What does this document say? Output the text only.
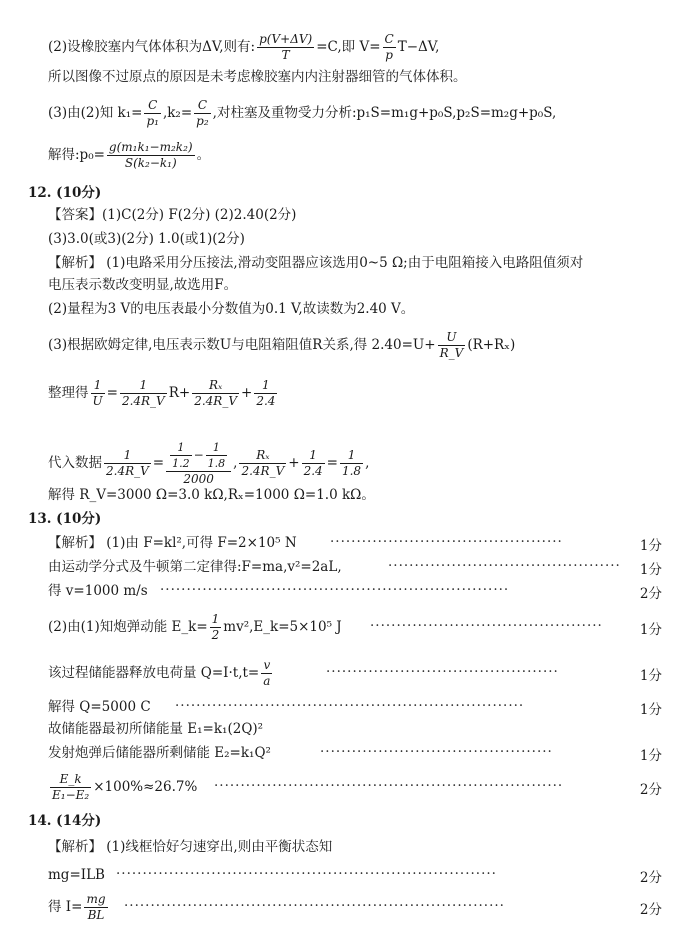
(2)设橡胶塞内气体体积为ΔV,则有: $\frac{p(V+\Delta V)}{T} =C$,即 $V= \frac{C}{p} T-\Delta V$,
所以图像不过原点的原因是未考虑橡胶塞内内注射器细管的气体体积。
(3)由(2)知 $k_1= \frac{C}{\text{p₁}} ,k_2= \frac{C}{\text{p₂}}$ ,对柱塞及重物受力分析:p₁S=m₁g+p₀S,p₂S=m₂g+p₀S,
解得:p₀= $\frac{\text{g(m₁k₁−m₂k₂)}}{\text{S(k₂−k₁)}}$ 。
12. (10分)
【答案】(1)C(2分) F(2分) (2)2.40(2分)
(3)3.0(或3)(2分) 1.0(或1)(2分)
【解析】 (1)电路采用分压接法,滑动变阻器应该选用0~5 Ω;由于电阻箱接入电路阻值须对
电压表示数改变明显,故选用F。
(2)量程为3 V的电压表最小分数值为0.1 V,故读数为2.40 V。
(3)根据欧姆定律,电压表示数U与电阻箱阻值R关系,得 $2.40=U+ \frac{U}{R\_V} (R+R_x)$
整理得 $\frac{1}{U} = \frac{1}{2.4R\_V} R+ \frac{\text{Rₓ}}{2.4R\_V} + \frac{1}{2.4}$
代入数据 $\frac{1}{2.4R\_V} = \frac{\frac{1}{1.2} - \frac{1}{1.8}}{2000}$ , $\frac{\text{Rₓ}}{2.4R\_V} + \frac{1}{2.4} = \frac{1}{1.8}$ ,
解得 R_V=3000 Ω=3.0 kΩ,Rₓ=1000 Ω=1.0 kΩ。
13. (10分)
【解析】 (1)由 F=kl²,可得 F=2×10⁵ N	············································	1分
由运动学分式及牛顿第二定律得:F=ma,v²=2aL,	············································	1分
得 v=1000 m/s ··································································	2分
(2)由(1)知炮弹动能 E_k= $\frac{1}{2}$ mv²,E_k=5×10⁵ J	············································	1分
该过程储能器释放电荷量 $Q=I\cdot t,t= \frac{v}{a}$	············································	1分
解得 Q=5000 C	··································································	1分
故储能器最初所储能量 E₁=k₁(2Q)²
发射炮弹后储能器所剩储能 E₂=k₁Q²	············································	1分
$\frac{E\_k}{\text{E₁−E₂}} \times 100\%\approx 26.7\%$	··································································	2分
14. (14分)
【解析】 (1)线框恰好匀速穿出,则由平衡状态知
mg=ILB ········································································	2分
得 $I= \frac{mg}{BL}$ ········································································	2分
